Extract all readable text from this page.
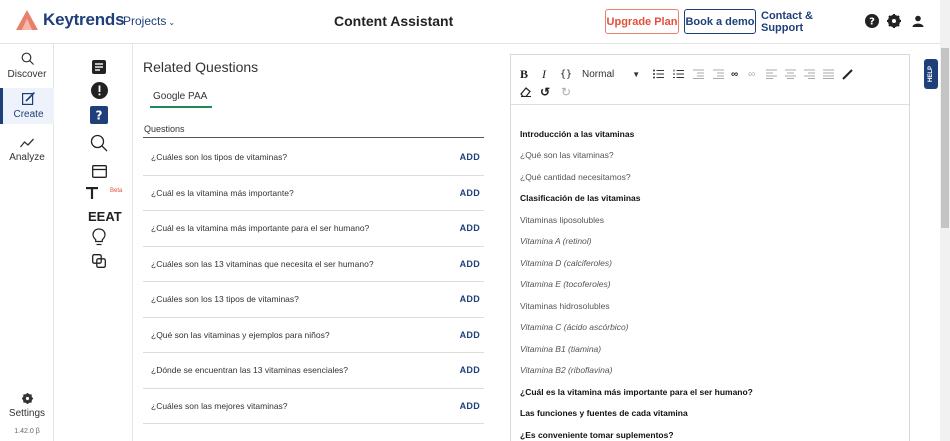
Keytrends
Projects ⌄	Content Assistant	Upgrade Plan Book a demo Contact & Support	?
Discover
Create
Analyze
Settings
1.42.0 β
?
Beta
EEAT
Related Questions
Google PAA
Questions
¿Cuáles son los tipos de vitaminas?	ADD
¿Cuál es la vitamina más importante?	ADD
¿Cuál es la vitamina más importante para el ser humano?	ADD
¿Cuáles son las 13 vitaminas que necesita el ser humano?	ADD
¿Cuáles son los 13 tipos de vitaminas?	ADD
¿Qué son las vitaminas y ejemplos para niños?	ADD
¿Dónde se encuentran las 13 vitaminas esenciales?	ADD
¿Cuáles son las mejores vitaminas?	ADD
B I {} Normal ▼	∞ ∞
↺ ↻
Introducción a las vitaminas
¿Qué son las vitaminas?
¿Qué cantidad necesitamos?
Clasificación de las vitaminas
Vitaminas liposolubles
Vitamina A (retinol)
Vitamina D (calciferoles)
Vitamina E (tocoferoles)
Vitaminas hidrosolubles
Vitamina C (ácido ascórbico)
Vitamina B1 (tiamina)
Vitamina B2 (riboflavina)
¿Cuál es la vitamina más importante para el ser humano?
Las funciones y fuentes de cada vitamina
¿Es conveniente tomar suplementos?
HELP
